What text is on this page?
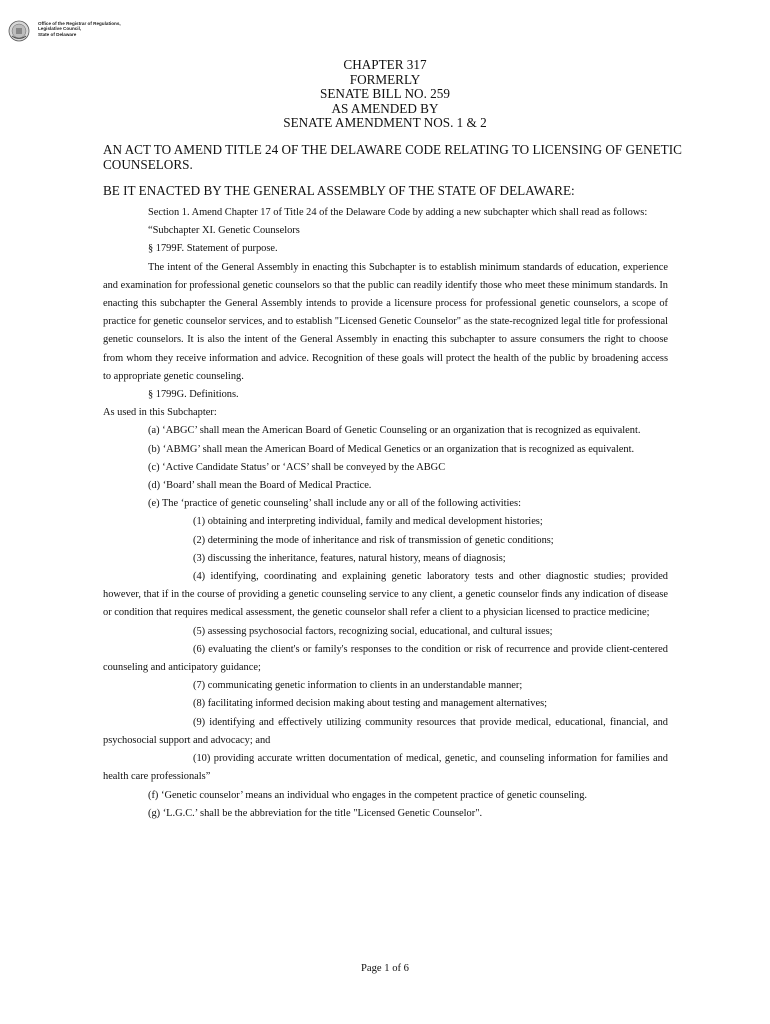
Office of the Registrar of Regulations,
Legislative Council,
State of Delaware
CHAPTER 317
FORMERLY
SENATE BILL NO. 259
AS AMENDED BY
SENATE AMENDMENT NOS. 1 & 2
AN ACT TO AMEND TITLE 24 OF THE DELAWARE CODE RELATING TO LICENSING OF GENETIC COUNSELORS.
BE IT ENACTED BY THE GENERAL ASSEMBLY OF THE STATE OF DELAWARE:

Section 1. Amend Chapter 17 of Title 24 of the Delaware Code by adding a new subchapter which shall read as follows:

“Subchapter XI. Genetic Counselors

§ 1799F. Statement of purpose.

The intent of the General Assembly in enacting this Subchapter is to establish minimum standards of education, experience and examination for professional genetic counselors so that the public can readily identify those who meet these minimum standards. In enacting this subchapter the General Assembly intends to provide a licensure process for professional genetic counselors, a scope of practice for genetic counselor services, and to establish "Licensed Genetic Counselor" as the state-recognized legal title for professional genetic counselors. It is also the intent of the General Assembly in enacting this subchapter to assure consumers the right to choose from whom they receive information and advice. Recognition of these goals will protect the health of the public by broadening access to appropriate genetic counseling.

§ 1799G. Definitions.

As used in this Subchapter:

(a) ‘ABGC’ shall mean the American Board of Genetic Counseling or an organization that is recognized as equivalent.

(b) ‘ABMG’ shall mean the American Board of Medical Genetics or an organization that is recognized as equivalent.

(c) ‘Active Candidate Status’ or ‘ACS’ shall be conveyed by the ABGC

(d) ‘Board’ shall mean the Board of Medical Practice.

(e) The ‘practice of genetic counseling’ shall include any or all of the following activities:

(1) obtaining and interpreting individual, family and medical development histories;

(2) determining the mode of inheritance and risk of transmission of genetic conditions;

(3) discussing the inheritance, features, natural history, means of diagnosis;

(4) identifying, coordinating and explaining genetic laboratory tests and other diagnostic studies; provided however, that if in the course of providing a genetic counseling service to any client, a genetic counselor finds any indication of disease or condition that requires medical assessment, the genetic counselor shall refer a client to a physician licensed to practice medicine;

(5) assessing psychosocial factors, recognizing social, educational, and cultural issues;

(6) evaluating the client's or family's responses to the condition or risk of recurrence and provide client-centered counseling and anticipatory guidance;

(7) communicating genetic information to clients in an understandable manner;

(8) facilitating informed decision making about testing and management alternatives;

(9) identifying and effectively utilizing community resources that provide medical, educational, financial, and psychosocial support and advocacy; and

(10) providing accurate written documentation of medical, genetic, and counseling information for families and health care professionals”

(f) ‘Genetic counselor’ means an individual who engages in the competent practice of genetic counseling.

(g) ‘L.G.C.’ shall be the abbreviation for the title "Licensed Genetic Counselor".

Page 1 of 6
